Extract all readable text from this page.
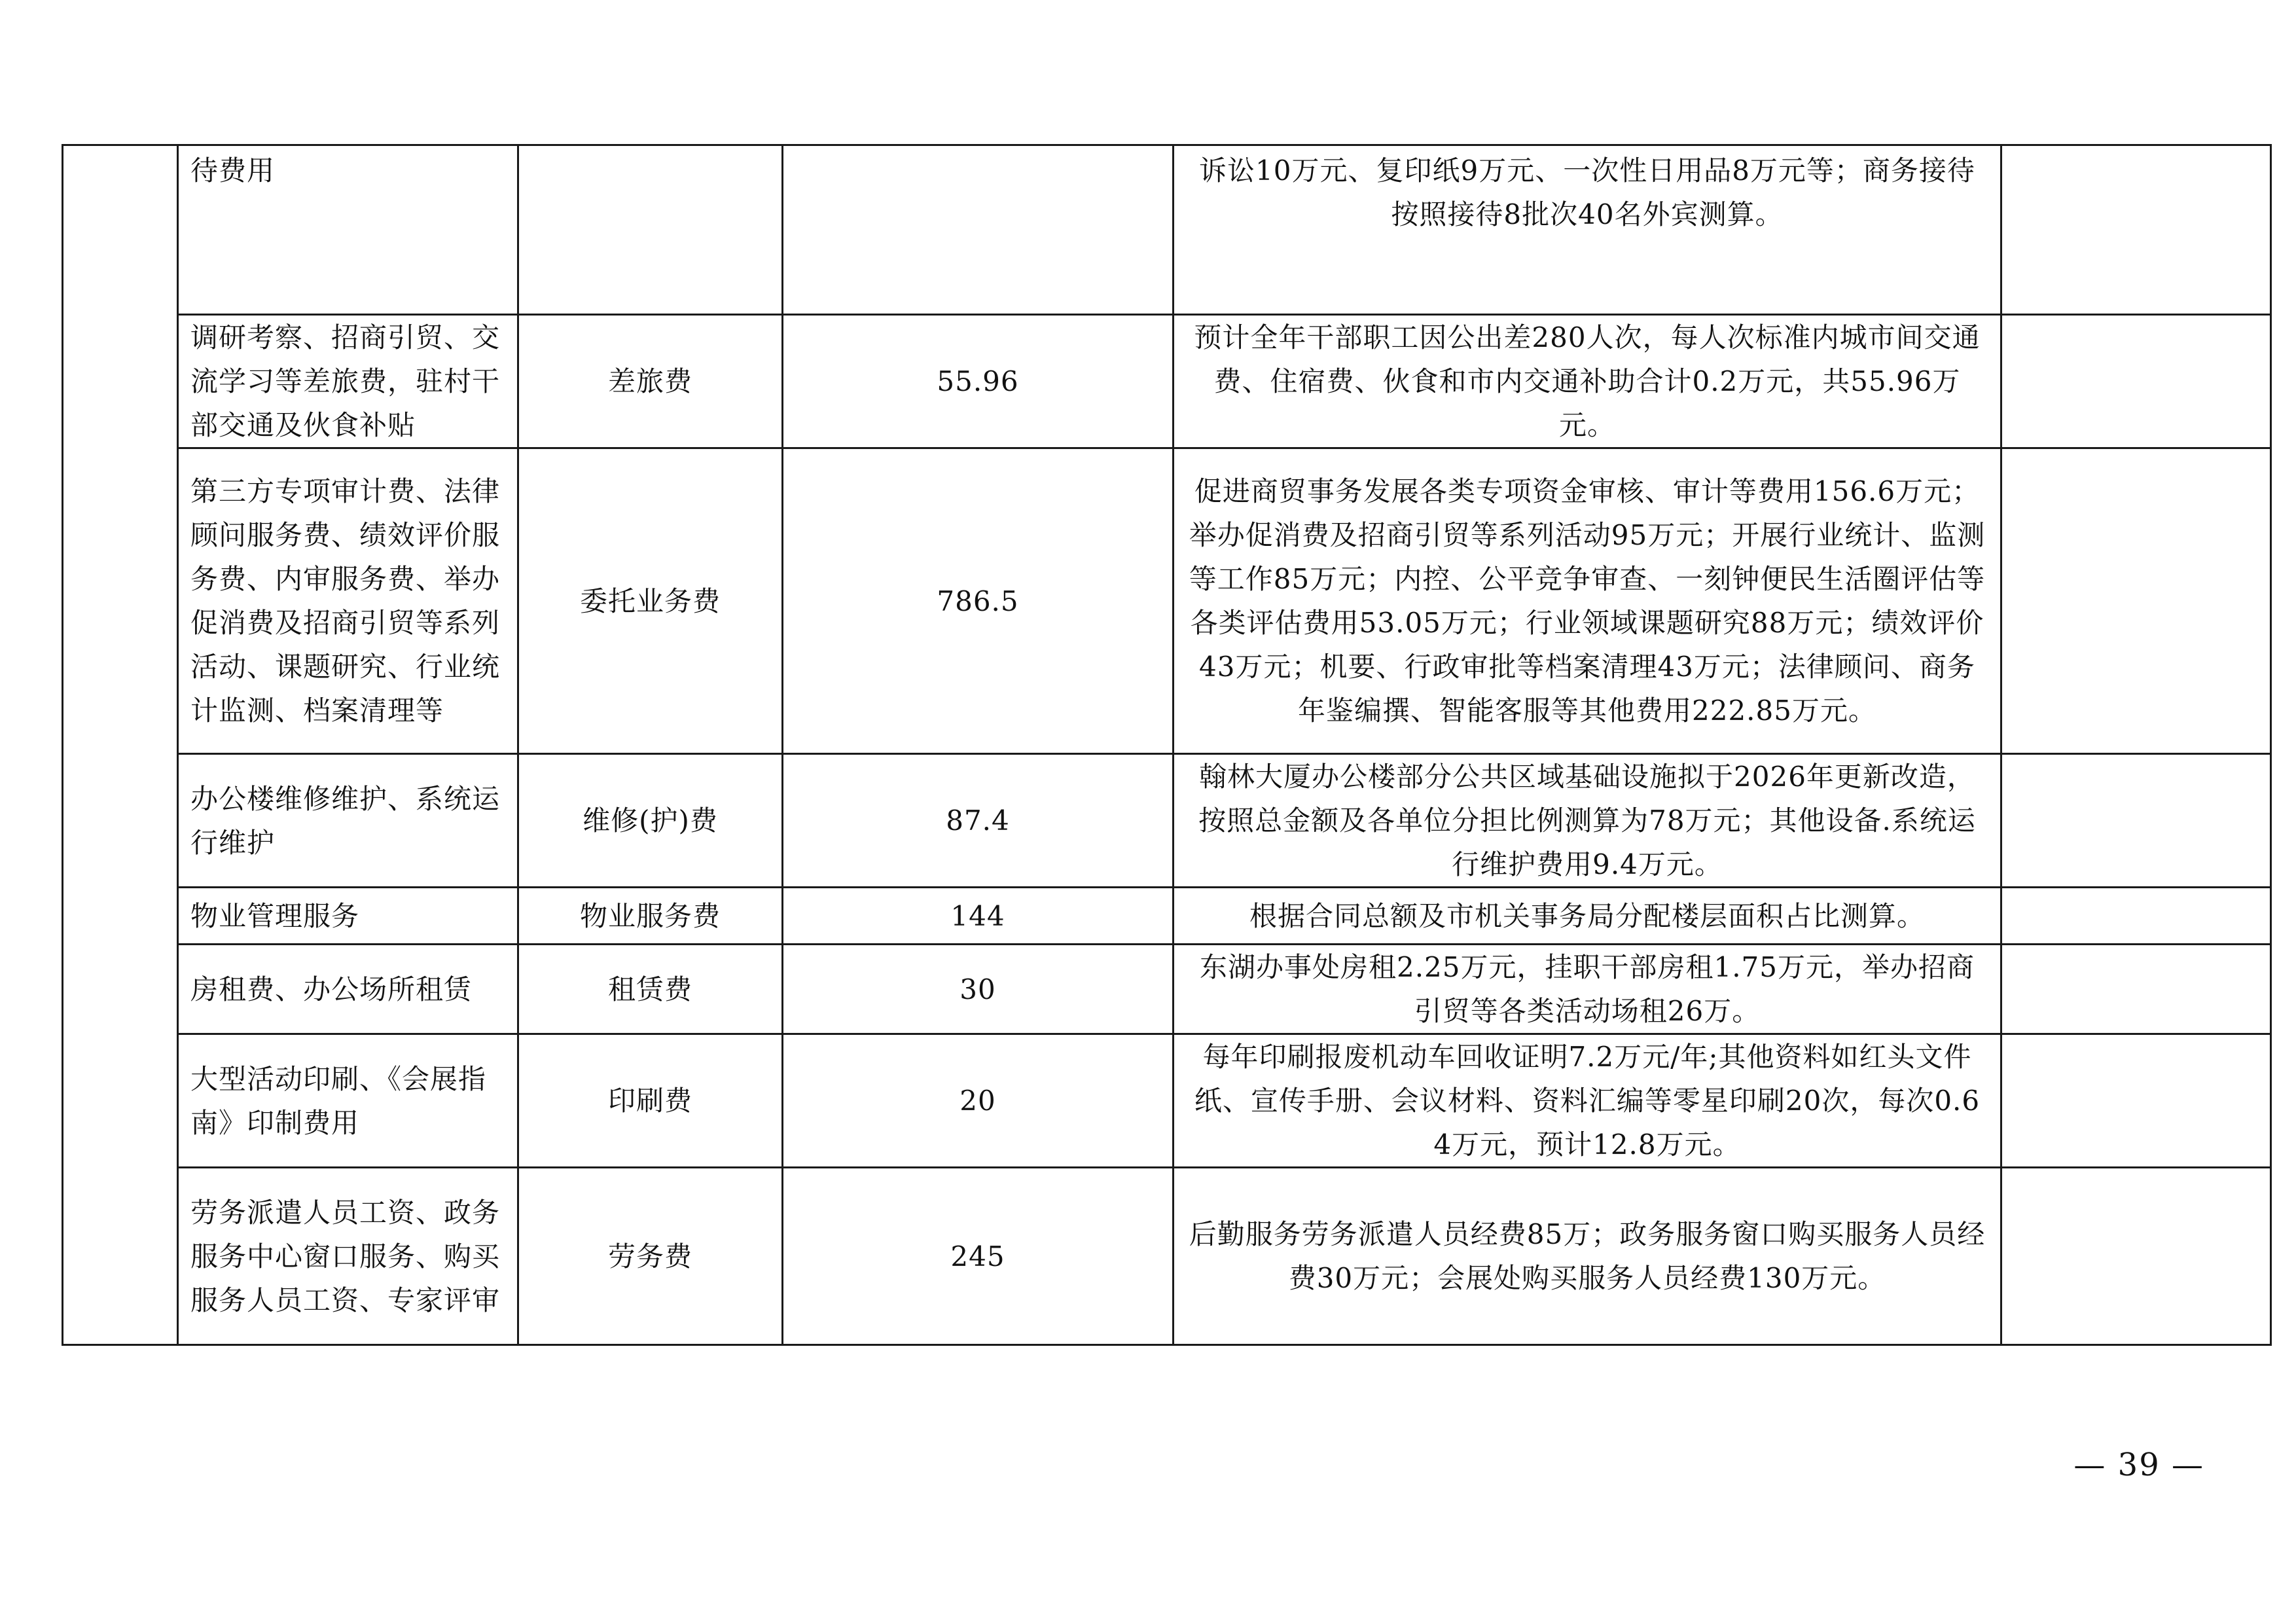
	待费用			诉讼10万元、复印纸9万元、一次性日用品8万元等；商务接待按照接待8批次40名外宾测算。	
	调研考察、招商引贸、交流学习等差旅费，驻村干部交通及伙食补贴	差旅费	55.96	预计全年干部职工因公出差280人次，每人次标准内城市间交通费、住宿费、伙食和市内交通补助合计0.2万元，共55.96万元。	
	第三方专项审计费、法律顾问服务费、绩效评价服务费、内审服务费、举办促消费及招商引贸等系列活动、课题研究、行业统计监测、档案清理等	委托业务费	786.5	促进商贸事务发展各类专项资金审核、审计等费用156.6万元；举办促消费及招商引贸等系列活动95万元；开展行业统计、监测等工作85万元；内控、公平竞争审查、一刻钟便民生活圈评估等各类评估费用53.05万元；行业领域课题研究88万元；绩效评价43万元；机要、行政审批等档案清理43万元；法律顾问、商务年鉴编撰、智能客服等其他费用222.85万元。	
	办公楼维修维护、系统运行维护	维修(护)费	87.4	翰林大厦办公楼部分公共区域基础设施拟于2026年更新改造，按照总金额及各单位分担比例测算为78万元；其他设备.系统运行维护费用9.4万元。	
	物业管理服务	物业服务费	144	根据合同总额及市机关事务局分配楼层面积占比测算。	
	房租费、办公场所租赁	租赁费	30	东湖办事处房租2.25万元，挂职干部房租1.75万元，举办招商引贸等各类活动场租26万。	
	大型活动印刷、《会展指南》印制费用	印刷费	20	每年印刷报废机动车回收证明7.2万元/年;其他资料如红头文件纸、宣传手册、会议材料、资料汇编等零星印刷20次，每次0.64万元，预计12.8万元。	
	劳务派遣人员工资、政务服务中心窗口服务、购买服务人员工资、专家评审	劳务费	245	后勤服务劳务派遣人员经费85万；政务服务窗口购买服务人员经费30万元；会展处购买服务人员经费130万元。	
— 39 —
